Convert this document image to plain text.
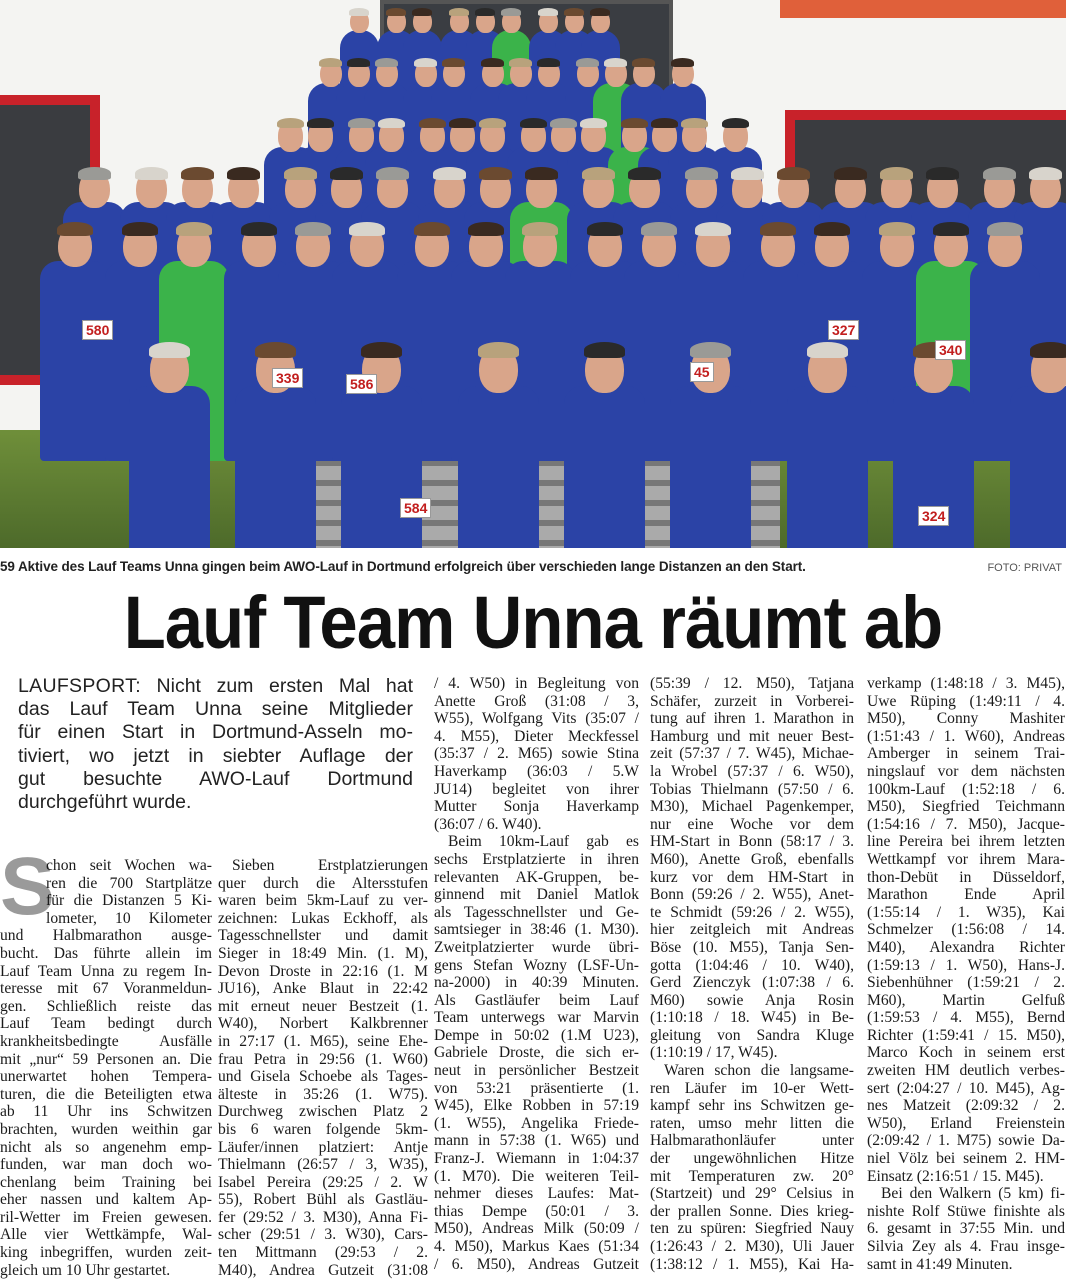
580
339	586
327
340
584	324
45
59 Aktive des Lauf Teams Unna gingen beim AWO-Lauf in Dortmund erfolgreich über verschieden lange Distanzen an den Start.	FOTO: PRIVAT
Lauf Team Unna räumt ab
LAUFSPORT: Nicht zum ersten Mal hat
das Lauf Team Unna seine Mitglieder
für einen Start in Dortmund-Asseln mo-
tiviert, wo jetzt in siebter Auflage der
gut besuchte AWO-Lauf Dortmund
durchgeführt wurde.
S
chon seit Wochen wa-
ren die 700 Startplätze
für die Distanzen 5 Ki-
lometer, 10 Kilometer
und Halbmarathon ausge-
bucht. Das führte allein im
Lauf Team Unna zu regem In-
teresse mit 67 Voranmeldun-
gen. Schließlich reiste das
Lauf Team bedingt durch
krankheitsbedingte Ausfälle
mit „nur“ 59 Personen an. Die
unerwartet hohen Tempera-
turen, die die Beteiligten etwa
ab 11 Uhr ins Schwitzen
brachten, wurden weithin gar
nicht als so angenehm emp-
funden, war man doch wo-
chenlang beim Training bei
eher nassen und kaltem Ap-
ril-Wetter im Freien gewesen.
Alle vier Wettkämpfe, Wal-
king inbegriffen, wurden zeit-
gleich um 10 Uhr gestartet.
Sieben Erstplatzierungen
quer durch die Altersstufen
waren beim 5km-Lauf zu ver-
zeichnen: Lukas Eckhoff, als
Tagesschnellster und damit
Sieger in 18:49 Min. (1. M),
Devon Droste in 22:16 (1. M
JU16), Anke Blaut in 22:42
mit erneut neuer Bestzeit (1.
W40), Norbert Kalkbrenner
in 27:17 (1. M65), seine Ehe-
frau Petra in 29:56 (1. W60)
und Gisela Schoebe als Tages-
älteste in 35:26 (1. W75).
Durchweg zwischen Platz 2
bis 6 waren folgende 5km-
Läufer/innen platziert: Antje
Thielmann (26:57 / 3, W35),
Isabel Pereira (29:25 / 2. W
55), Robert Bühl als Gastläu-
fer (29:52 / 3. M30), Anna Fi-
scher (29:51 / 3. W30), Cars-
ten Mittmann (29:53 / 2.
M40), Andrea Gutzeit (31:08
/ 4. W50) in Begleitung von
Anette Groß (31:08 / 3,
W55), Wolfgang Vits (35:07 /
4. M55), Dieter Meckfessel
(35:37 / 2. M65) sowie Stina
Haverkamp (36:03 / 5.W
JU14) begleitet von ihrer
Mutter Sonja Haverkamp
(36:07 / 6. W40).
Beim 10km-Lauf gab es
sechs Erstplatzierte in ihren
relevanten AK-Gruppen, be-
ginnend mit Daniel Matlok
als Tagesschnellster und Ge-
samtsieger in 38:46 (1. M30).
Zweitplatzierter wurde übri-
gens Stefan Wozny (LSF-Un-
na-2000) in 40:39 Minuten.
Als Gastläufer beim Lauf
Team unterwegs war Marvin
Dempe in 50:02 (1.M U23),
Gabriele Droste, die sich er-
neut in persönlicher Bestzeit
von 53:21 präsentierte (1.
W45), Elke Robben in 57:19
(1. W55), Angelika Friede-
mann in 57:38 (1. W65) und
Franz-J. Wiemann in 1:04:37
(1. M70). Die weiteren Teil-
nehmer dieses Laufes: Mat-
thias Dempe (50:01 / 3.
M50), Andreas Milk (50:09 /
4. M50), Markus Kaes (51:34
/ 6. M50), Andreas Gutzeit
(55:39 / 12. M50), Tatjana
Schäfer, zurzeit in Vorberei-
tung auf ihren 1. Marathon in
Hamburg und mit neuer Best-
zeit (57:37 / 7. W45), Michae-
la Wrobel (57:37 / 6. W50),
Tobias Thielmann (57:50 / 6.
M30), Michael Pagenkemper,
nur eine Woche vor dem
HM-Start in Bonn (58:17 / 3.
M60), Anette Groß, ebenfalls
kurz vor dem HM-Start in
Bonn (59:26 / 2. W55), Anet-
te Schmidt (59:26 / 2. W55),
hier zeitgleich mit Andreas
Böse (10. M55), Tanja Sen-
gotta (1:04:46 / 10. W40),
Gerd Zienczyk (1:07:38 / 6.
M60) sowie Anja Rosin
(1:10:18 / 18. W45) in Be-
gleitung von Sandra Kluge
(1:10:19 / 17, W45).
Waren schon die langsame-
ren Läufer im 10-er Wett-
kampf sehr ins Schwitzen ge-
raten, umso mehr litten die
Halbmarathonläufer unter
der ungewöhnlichen Hitze
mit Temperaturen zw. 20°
(Startzeit) und 29° Celsius in
der prallen Sonne. Dies krieg-
ten zu spüren: Siegfried Nauy
(1:26:43 / 2. M30), Uli Jauer
(1:38:12 / 1. M55), Kai Ha-
verkamp (1:48:18 / 3. M45),
Uwe Rüping (1:49:11 / 4.
M50), Conny Mashiter
(1:51:43 / 1. W60), Andreas
Amberger in seinem Trai-
ningslauf vor dem nächsten
100km-Lauf (1:52:18 / 6.
M50), Siegfried Teichmann
(1:54:16 / 7. M50), Jacque-
line Pereira bei ihrem letzten
Wettkampf vor ihrem Mara-
thon-Debüt in Düsseldorf,
Marathon Ende April
(1:55:14 / 1. W35), Kai
Schmelzer (1:56:08 / 14.
M40), Alexandra Richter
(1:59:13 / 1. W50), Hans-J.
Siebenhühner (1:59:21 / 2.
M60), Martin Gelfuß
(1:59:53 / 4. M55), Bernd
Richter (1:59:41 / 15. M50),
Marco Koch in seinem erst
zweiten HM deutlich verbes-
sert (2:04:27 / 10. M45), Ag-
nes Matzeit (2:09:32 / 2.
W50), Erland Freienstein
(2:09:42 / 1. M75) sowie Da-
niel Völz bei seinem 2. HM-
Einsatz (2:16:51 / 15. M45).
Bei den Walkern (5 km) fi-
nishte Rolf Stüwe finishte als
6. gesamt in 37:55 Min. und
Silvia Zey als 4. Frau insge-
samt in 41:49 Minuten.
